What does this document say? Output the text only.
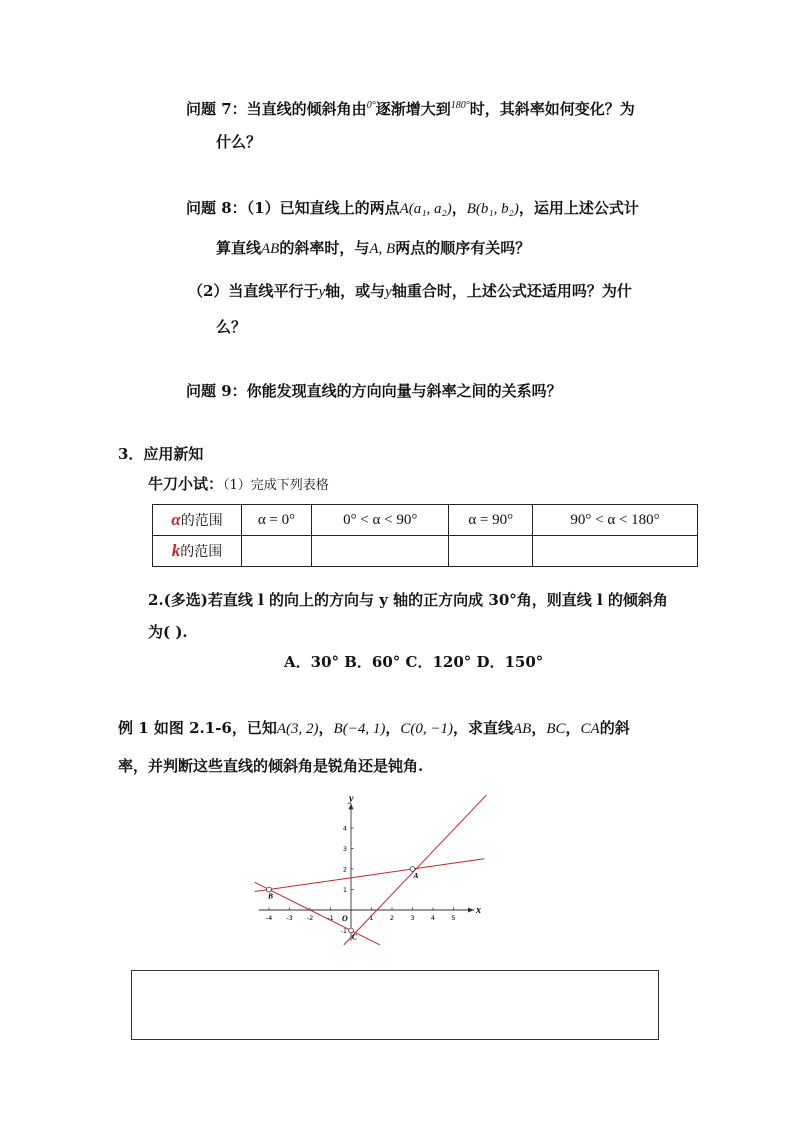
问题 7：当直线的倾斜角由$^{0^\circ}$逐渐增大到$^{180^\circ}$时，其斜率如何变化？为
什么？
问题 8：（1）已知直线上的两点A(a₁, a₂)，B(b₁, b₂)，运用上述公式计
算直线AB的斜率时，与A, B两点的顺序有关吗？
（2）当直线平行于y轴，或与y轴重合时，上述公式还适用吗？为什
么？
问题 9：你能发现直线的方向向量与斜率之间的关系吗？
3．应用新知
牛刀小试：（1）完成下列表格
α的范围	α = 0°	0° < α < 90°	α = 90°	90° < α < 180°
k的范围				
2.(多选)若直线 l 的向上的方向与 y 轴的正方向成 30°角，则直线 l 的倾斜角
为( ).
A．30° B．60° C．120° D．150°
例 1 如图 2.1-6，已知A(3, 2)，B(−4, 1)，C(0, −1)，求直线AB，BC，CA的斜
率，并判断这些直线的倾斜角是锐角还是钝角.
x
y
O
-4 -3 -2 -1	1	2	3	4	5
-1
1
2
3
4
A
B
C
